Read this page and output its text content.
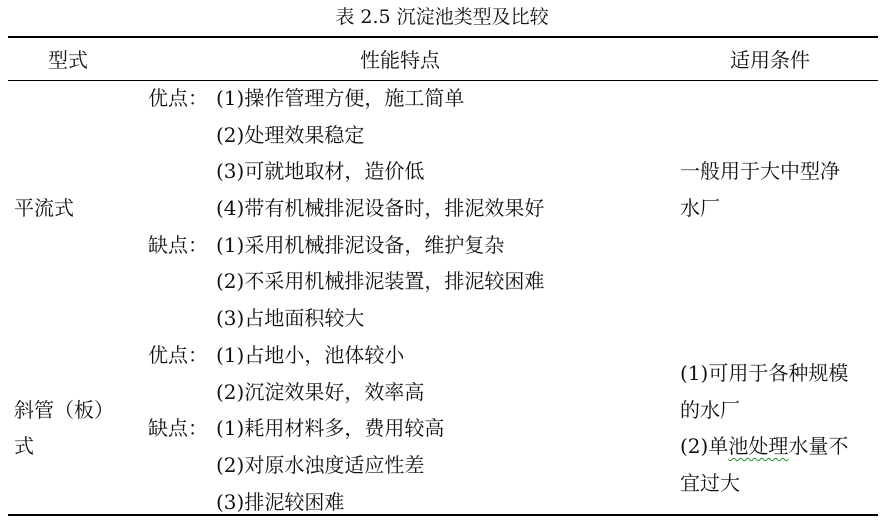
表 2.5 沉淀池类型及比较
型式	性能特点	适用条件
平流式
优点： (1)操作管理方便，施工简单
(2)处理效果稳定
(3)可就地取材，造价低
(4)带有机械排泥设备时，排泥效果好
缺点： (1)采用机械排泥设备，维护复杂
(2)不采用机械排泥装置，排泥较困难
(3)占地面积较大
一般用于大中型净
水厂
斜管（板）
式
优点： (1)占地小，池体较小
(2)沉淀效果好，效率高
缺点： (1)耗用材料多，费用较高
(2)对原水浊度适应性差
(3)排泥较困难
(1)可用于各种规模
的水厂
(2)单池处理水量不
宜过大
